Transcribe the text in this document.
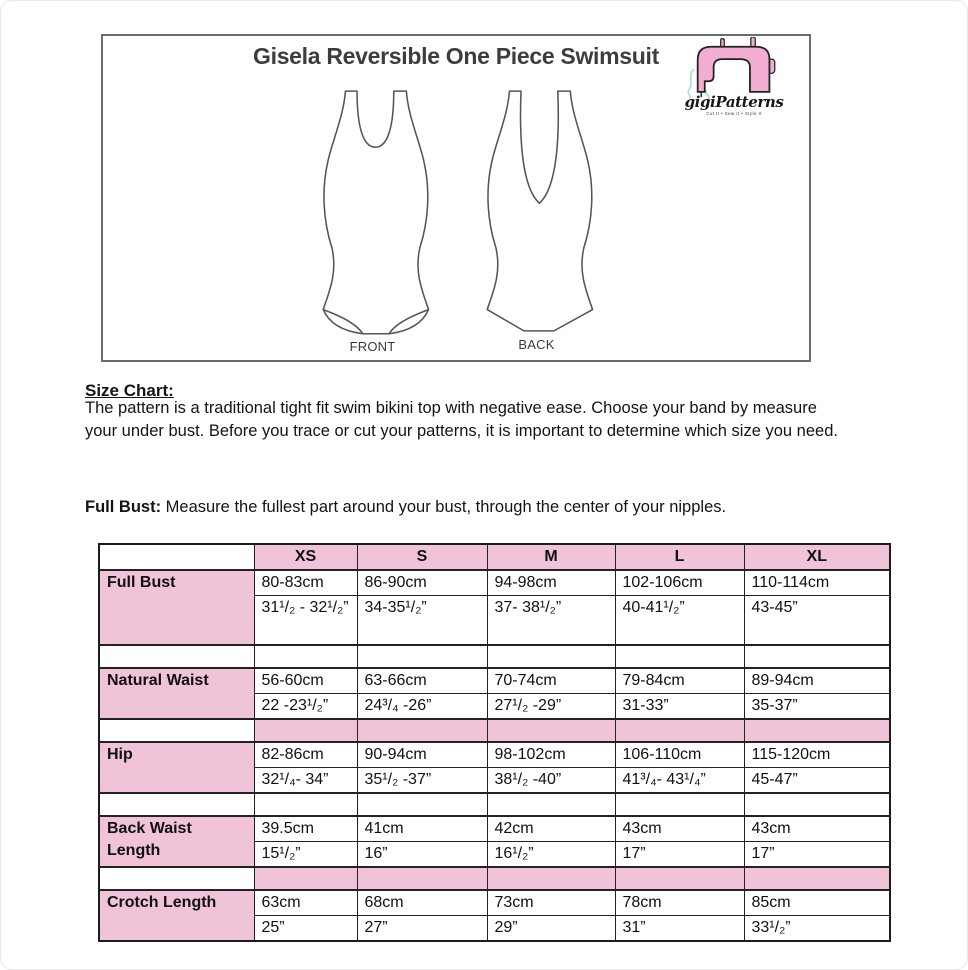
Gisela Reversible One Piece Swimsuit
gigiPatterns
Cut It • Sew It • Style It
FRONT	BACK
Size Chart:

The pattern is a traditional tight fit swim bikini top with negative ease. Choose your band by measure your under bust. Before you trace or cut your patterns, it is important to determine which size you need.

Full Bust: Measure the fullest part around your bust, through the center of your nipples.

	XS	S	M	L	XL
Full Bust	80-83cm	86-90cm	94-98cm	102-106cm	110-114cm
	31¹/₂ - 32¹/₂”	34-35¹/₂”	37- 38¹/₂”	40-41¹/₂”	43-45”

Natural Waist	56-60cm	63-66cm	70-74cm	79-84cm	89-94cm
	22 -23¹/₂”	24³/₄ -26”	27¹/₂ -29”	31-33”	35-37”

Hip	82-86cm	90-94cm	98-102cm	106-110cm	115-120cm
	32¹/₄- 34”	35¹/₂ -37”	38¹/₂ -40”	41³/₄- 43¹/₄”	45-47”

Back Waist Length	39.5cm	41cm	42cm	43cm	43cm
	15¹/₂”	16”	16¹/₂”	17”	17”

Crotch Length	63cm	68cm	73cm	78cm	85cm
	25”	27”	29”	31”	33¹/₂”
